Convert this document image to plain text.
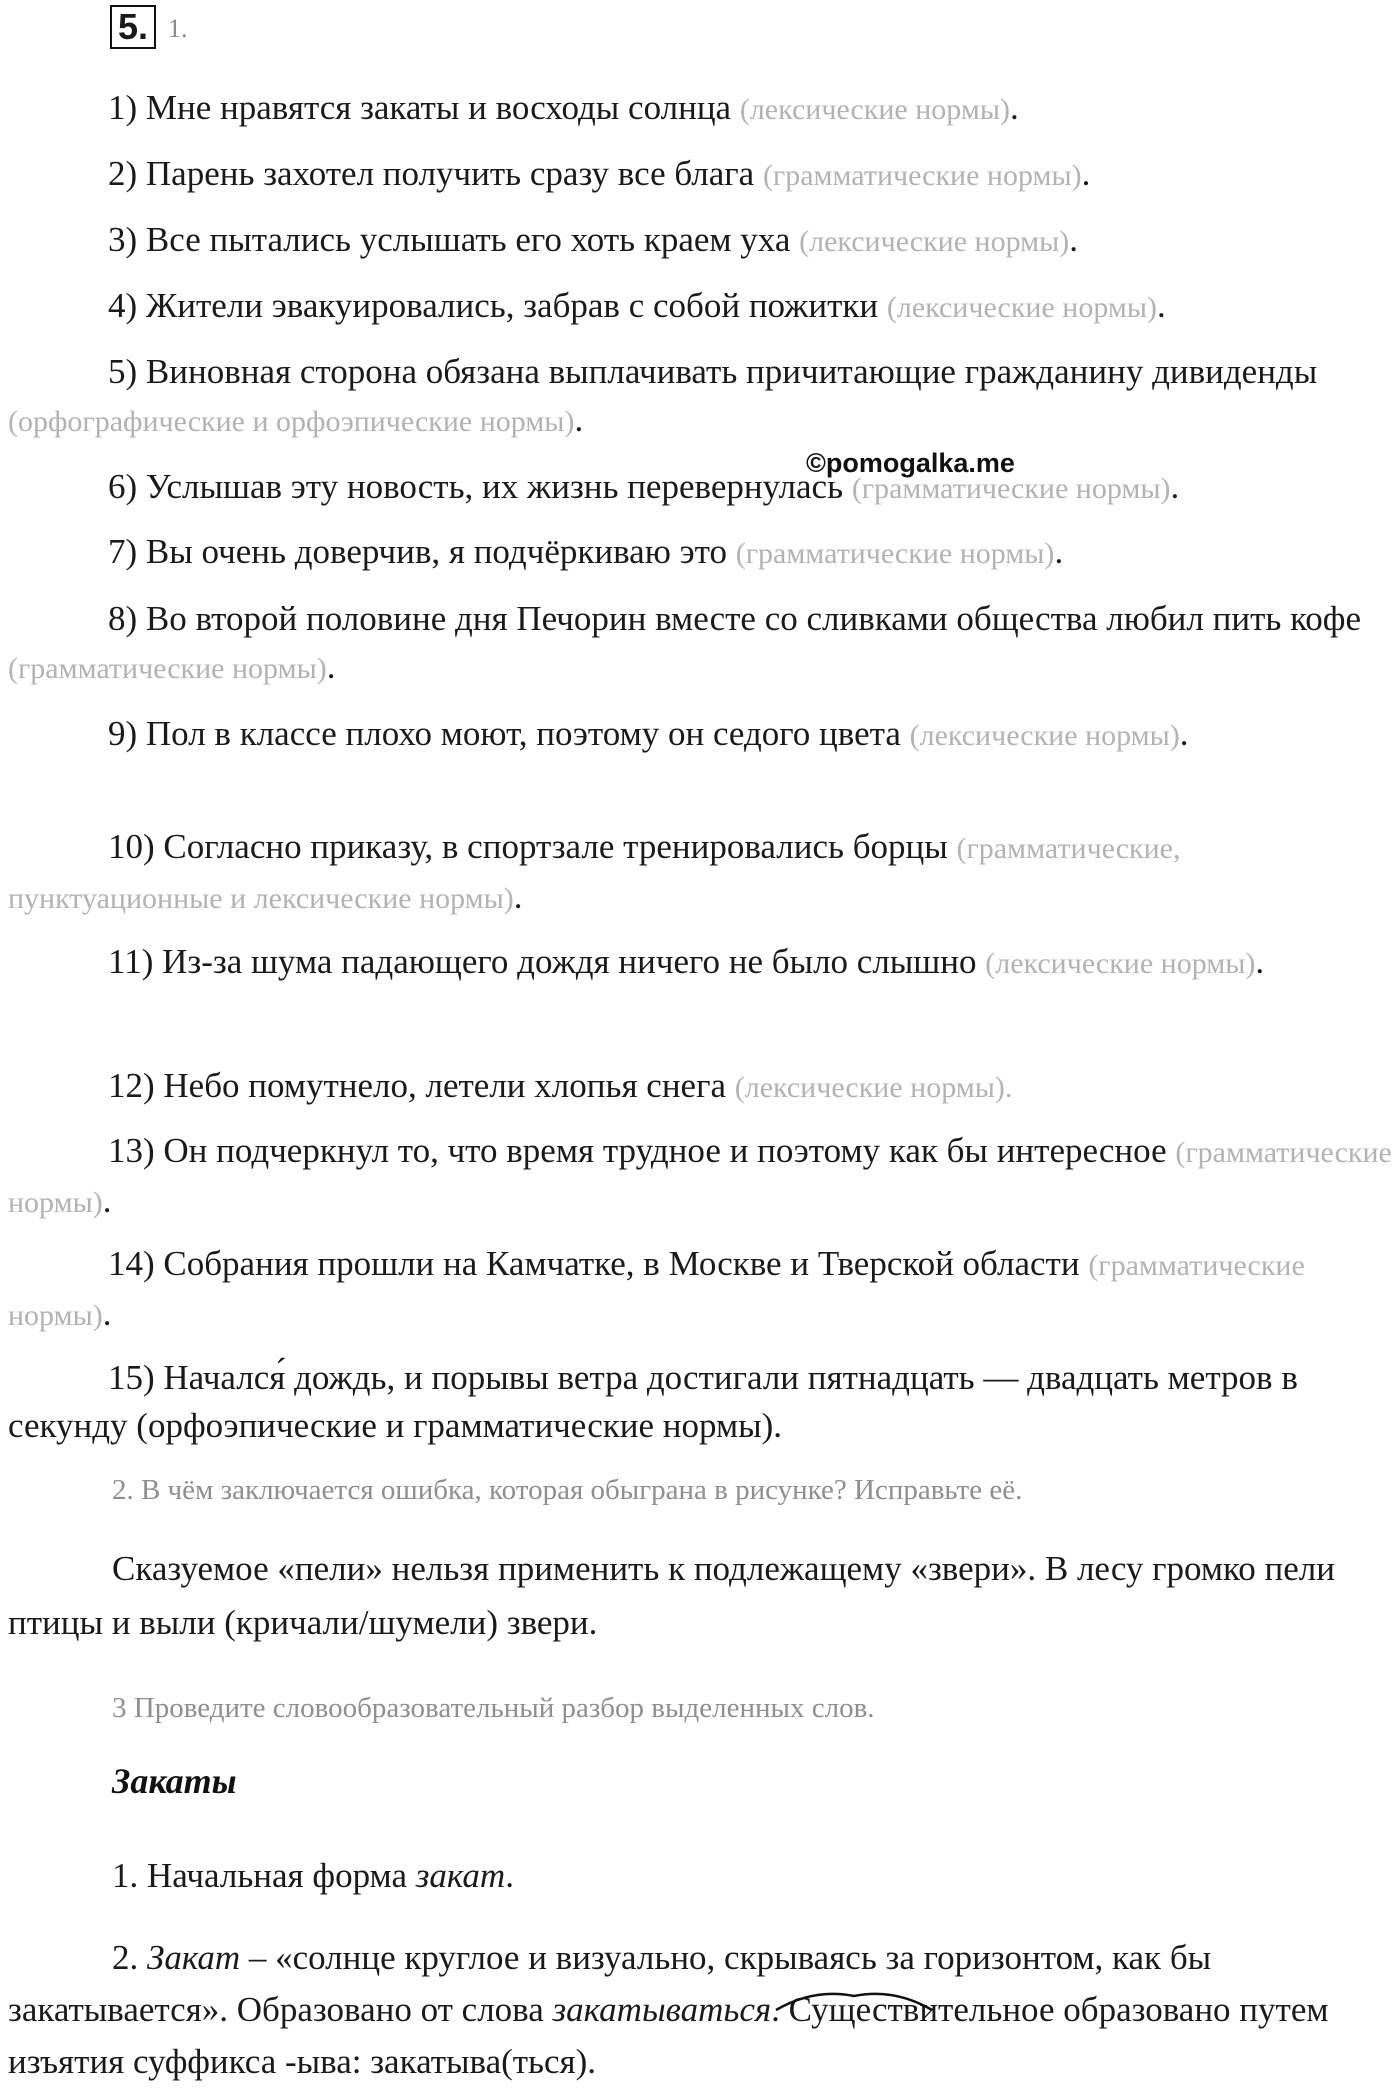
5. 1.
1) Мне нравятся закаты и восходы солнца (лексические нормы).
2) Парень захотел получить сразу все блага (грамматические нормы).
3) Все пытались услышать его хоть краем уха (лексические нормы).
4) Жители эвакуировались, забрав с собой пожитки (лексические нормы).
5) Виновная сторона обязана выплачивать причитающие гражданину дивиденды (орфографические и орфоэпические нормы).
6) Услышав эту новость, их жизнь перевернулась (грамматические нормы).
7) Вы очень доверчив, я подчёркиваю это (грамматические нормы).
8) Во второй половине дня Печорин вместе со сливками общества любил пить кофе (грамматические нормы).
9) Пол в классе плохо моют, поэтому он седого цвета (лексические нормы).
10) Согласно приказу, в спортзале тренировались борцы (грамматические, пунктуационные и лексические нормы).
11) Из-за шума падающего дождя ничего не было слышно (лексические нормы).
12) Небо помутнело, летели хлопья снега (лексические нормы).
13) Он подчеркнул то, что время трудное и поэтому как бы интересное (грамматические нормы).
14) Собрания прошли на Камчатке, в Москве и Тверской области (грамматические нормы).
15) Начался́ дождь, и порывы ветра достигали пятнадцать — двадцать метров в секунду (орфоэпические и грамматические нормы).
©pomogalka.me
2. В чём заключается ошибка, которая обыграна в рисунке? Исправьте её.
Сказуемое «пели» нельзя применить к подлежащему «звери». В лесу громко пели птицы и выли (кричали/шумели) звери.
3 Проведите словообразовательный разбор выделенных слов.
Закаты
1. Начальная форма закат.
2. Закат – «солнце круглое и визуально, скрываясь за горизонтом, как бы закатывается». Образовано от слова закатываться. Существительное образовано путем изъятия суффикса -ыва: закатыва(ться).
